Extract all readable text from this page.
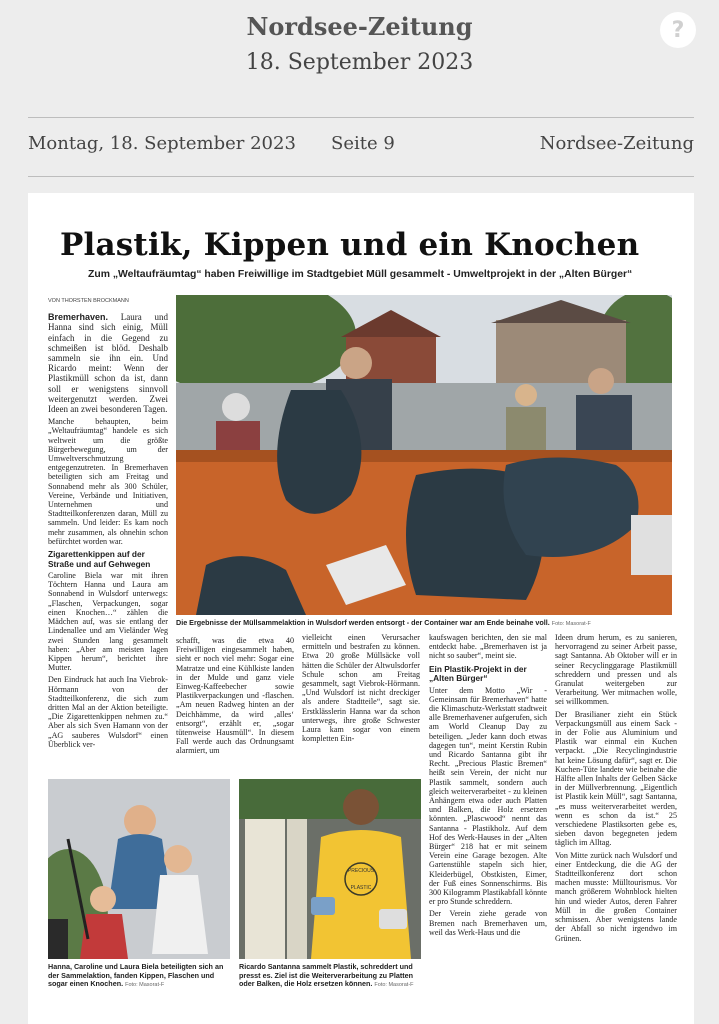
Nordsee-Zeitung
18. September 2023
?
Montag, 18. September 2023 Seite 9	Nordsee-Zeitung
Plastik, Kippen und ein Knochen
Zum „Weltaufräumtag“ haben Freiwillige im Stadtgebiet Müll gesammelt - Umweltprojekt in der „Alten Bürger“
VON THORSTEN BROCKMANN

Bremerhaven. Laura und Hanna sind sich einig, Müll einfach in die Gegend zu schmeißen ist blöd. Deshalb sammeln sie ihn ein. Und Ricardo meint: Wenn der Plastikmüll schon da ist, dann soll er wenigstens sinnvoll weitergenutzt werden. Zwei Ideen an zwei besonderen Tagen.

Manche behaupten, beim „Weltaufräumtag“ handele es sich weltweit um die größte Bürgerbewegung, um der Umweltverschmutzung entgegenzutreten. In Bremerhaven beteiligten sich am Freitag und Sonnabend mehr als 300 Schüler, Vereine, Verbände und Initiativen, Unternehmen und Stadtteilkonferenzen daran, Müll zu sammeln. Und leider: Es kam noch mehr zusammen, als ohnehin schon befürchtet worden war.

Zigarettenkippen auf der Straße und auf Gehwegen

Caroline Biela war mit ihren Töchtern Hanna und Laura am Sonnabend in Wulsdorf unterwegs: „Flaschen, Verpackungen, sogar einen Knochen…“ zählen die Mädchen auf, was sie entlang der Lindenallee und am Vieländer Weg zwei Stunden lang gesammelt haben: „Aber am meisten lagen Kippen herum“, berichtet ihre Mutter.

Den Eindruck hat auch Ina Viebrok-Hörmann von der Stadtteilkonferenz, die sich zum dritten Mal an der Aktion beteiligte. „Die Zigarettenkippen nehmen zu.“ Aber als sich Sven Hamann von der „AG sauberes Wulsdorf“ einen Überblick ver-

Die Ergebnisse der Müllsammelaktion in Wulsdorf werden entsorgt - der Container war am Ende beinahe voll. Foto: Masorat-F

schafft, was die etwa 40 Freiwilligen eingesammelt haben, sieht er noch viel mehr: Sogar eine Matratze und eine Kühlkiste landen in der Mulde und ganz viele Einweg-Kaffeebecher sowie Plastikverpackungen und -flaschen. „Am neuen Radweg hinten an der Deichhämme, da wird ‚alles‘ entsorgt“, erzählt er, „sogar tütenweise Hausmüll“. In diesem Fall werde auch das Ordnungsamt alarmiert, um

vielleicht einen Verursacher ermitteln und bestrafen zu können. Etwa 20 große Müllsäcke voll hätten die Schüler der Altwulsdorfer Schule schon am Freitag gesammelt, sagt Viebrok-Hörmann. „Und Wulsdorf ist nicht dreckiger als andere Stadtteile“, sagt sie. Erstklässlerin Hanna war da schon unterwegs, ihre große Schwester Laura kam sogar von einem kompletten Ein-

kaufswagen berichten, den sie mal entdeckt habe. „Bremerhaven ist ja nicht so sauber“, meint sie.

Ein Plastik-Projekt in der „Alten Bürger“

Unter dem Motto „Wir - Gemeinsam für Bremerhaven“ hatte die Klimaschutz-Werkstatt stadtweit alle Bremerhavener aufgerufen, sich am World Cleanup Day zu beteiligen. „Jeder kann doch etwas dagegen tun“, meint Kerstin Rubin und Ricardo Santanna gibt ihr Recht. „Precious Plastic Bremen“ heißt sein Verein, der nicht nur Plastik sammelt, sondern auch gleich weiterverarbeitet - zu kleinen Anhängern etwa oder auch Platten und Balken, die Holz ersetzen könnten. „Plascwood“ nennt das Santanna - Plastikholz. Auf dem Hof des Werk-Hauses in der „Alten Bürger“ 218 hat er mit seinem Verein eine Garage bezogen. Alte Gartenstühle stapeln sich hier, Kleiderbügel, Obstkisten, Eimer, der Fuß eines Sonnenschirms. Bis 300 Kilogramm Plastikabfall könnte er pro Stunde schreddern.

Der Verein ziehe gerade von Bremen nach Bremerhaven um, weil das Werk-Haus und die

Ideen drum herum, es zu sanieren, hervorragend zu seiner Arbeit passe, sagt Santanna. Ab Oktober will er in seiner Recyclinggarage Plastikmüll schreddern und pressen und als Granulat weitergeben zur Verarbeitung. Wer mitmachen wolle, sei willkommen.

Der Brasilianer zieht ein Stück Verpackungsmüll aus einem Sack - in der Folie aus Aluminium und Plastik war einmal ein Kuchen verpackt. „Die Recyclingindustrie hat keine Lösung dafür“, sagt er. Die Kuchen-Tüte landete wie beinahe die Hälfte allen Inhalts der Gelben Säcke in der Müllverbrennung. „Eigentlich ist Plastik kein Müll“, sagt Santanna, „es muss weiterverarbeitet werden, wenn es schon da ist.“ 25 verschiedene Plastiksorten gebe es, sieben davon begegneten jedem täglich im Alltag.

Von Mitte zurück nach Wulsdorf und einer Entdeckung, die die AG der Stadtteilkonferenz dort schon machen musste: Mülltourismus. Vor manch größerem Wohnblock hielten hin und wieder Autos, deren Fahrer Müll in die großen Container schmissen. Aber wenigstens lande der Abfall so nicht irgendwo im Grünen.

Hanna, Caroline und Laura Biela beteiligten sich an der Sammelaktion, fanden Kippen, Flaschen und sogar einen Knochen. Foto: Masorat-F
PRECIOUS
PLASTIC
Ricardo Santanna sammelt Plastik, schreddert und presst es. Ziel ist die Weiterverarbeitung zu Platten oder Balken, die Holz ersetzen können. Foto: Masorat-F
